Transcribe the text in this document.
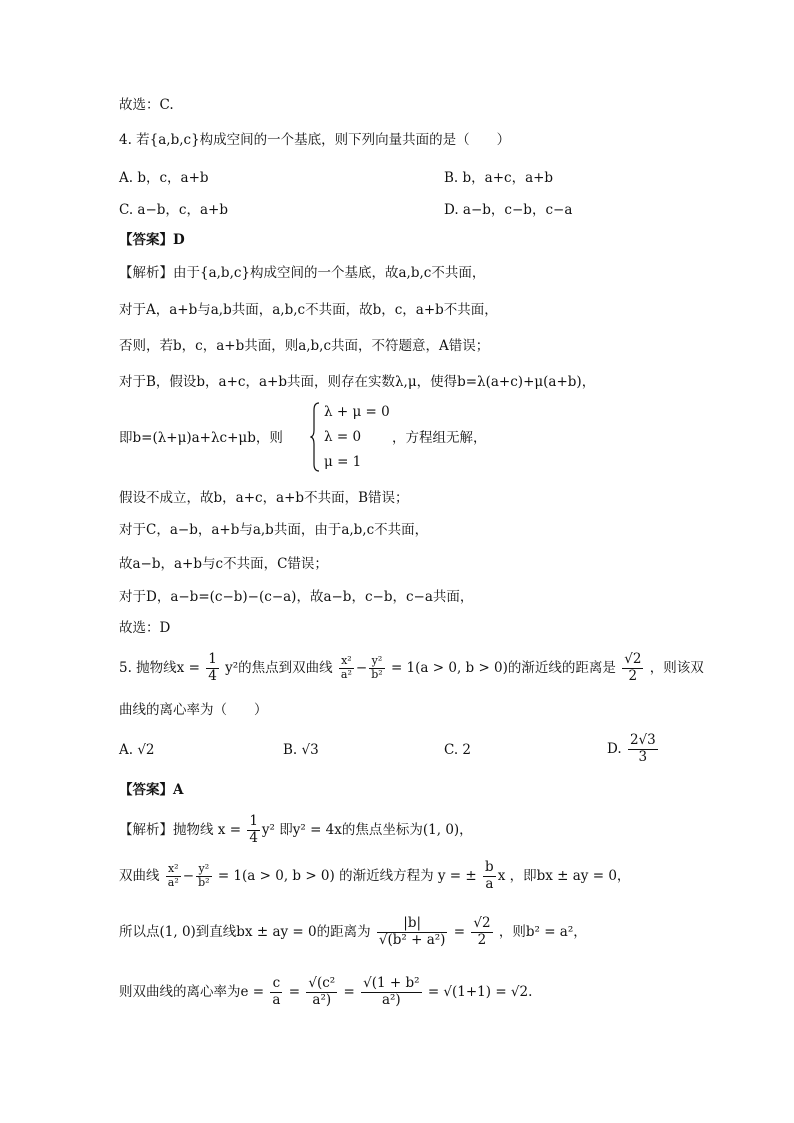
故选：C.
4. 若{a,b,c}构成空间的一个基底，则下列向量共面的是（　　）
A. b，c，a+b	B. b，a+c，a+b
C. a−b，c，a+b	D. a−b，c−b，c−a
【答案】D
【解析】由于{a,b,c}构成空间的一个基底，故a,b,c不共面，
对于A，a+b与a,b共面，a,b,c不共面，故b，c，a+b不共面，
否则，若b，c，a+b共面，则a,b,c共面，不符题意，A错误；
对于B，假设b，a+c，a+b共面，则存在实数λ,μ，使得b=λ(a+c)+μ(a+b)，
即b=(λ+μ)a+λc+μb，则
λ + μ = 0
λ = 0
μ = 1
，方程组无解，
假设不成立，故b，a+c，a+b不共面，B错误；
对于C，a−b，a+b与a,b共面，由于a,b,c不共面，
故a−b，a+b与c不共面，C错误；
对于D，a−b=(c−b)−(c−a)，故a−b，c−b，c−a共面，
故选：D
5. 抛物线$x = \frac{1}{4} y^2$的焦点到双曲线 $\frac{\text{x²}}{\text{a²}} - \frac{\text{y²}}{\text{b²}} = 1(a > 0$, b > 0)的渐近线的距离是 $\frac{√2}{2}$ ，则该双
曲线的离心率为（　　）
A. √2	B. √3	C. 2	D. $\frac{2√3}{3}$
【答案】A
【解析】抛物线 $x = \frac{1}{4} y^2$ 即y² = 4x的焦点坐标为(1, 0)，
双曲线 $\frac{\text{x²}}{\text{a²}} - \frac{\text{y²}}{\text{b²}} = 1(a > 0$, b > 0) 的渐近线方程为 y = ± $\frac{b}{a}$ x ，即bx ± ay = 0，
所以点(1, 0)到直线bx ± ay = 0的距离为 $\frac{|b|}{\text{√(b² + a²)}} = \frac{√2}{2}$ ，则b² = a²，
则双曲线的离心率为$e = \frac{c}{a} = \frac{\text{√(c²}}{\text{a²)}} = \frac{\text{√(1 + b²}}{\text{a²)}} = √(1+1) = √2$.
